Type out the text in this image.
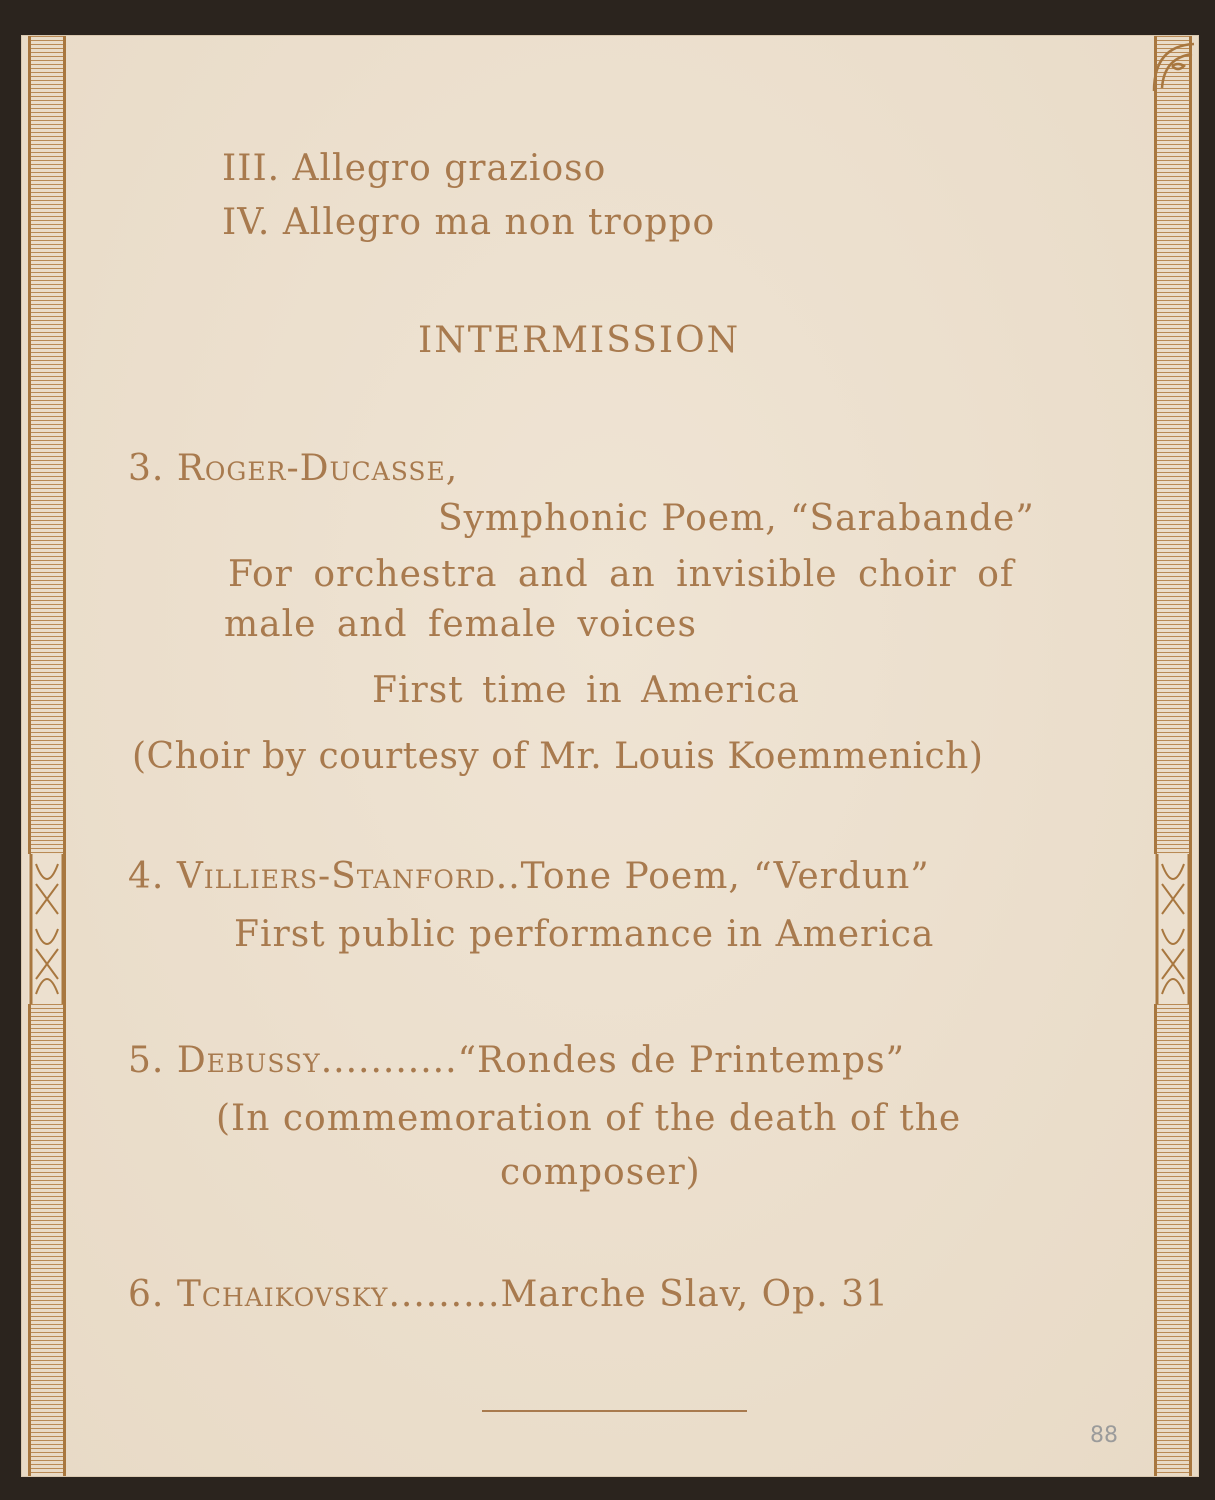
III. Allegro grazioso
IV. Allegro ma non troppo
INTERMISSION
3. Roger-Ducasse,
Symphonic Poem, “Sarabande”
For orchestra and an invisible choir of
male and female voices
First time in America
(Choir by courtesy of Mr. Louis Koemmenich)
4. Villiers-Stanford..Tone Poem, “Verdun”
First public performance in America
5. Debussy...........“Rondes de Printemps”
(In commemoration of the death of the
composer)
6. Tchaikovsky.........Marche Slav, Op. 31
88
